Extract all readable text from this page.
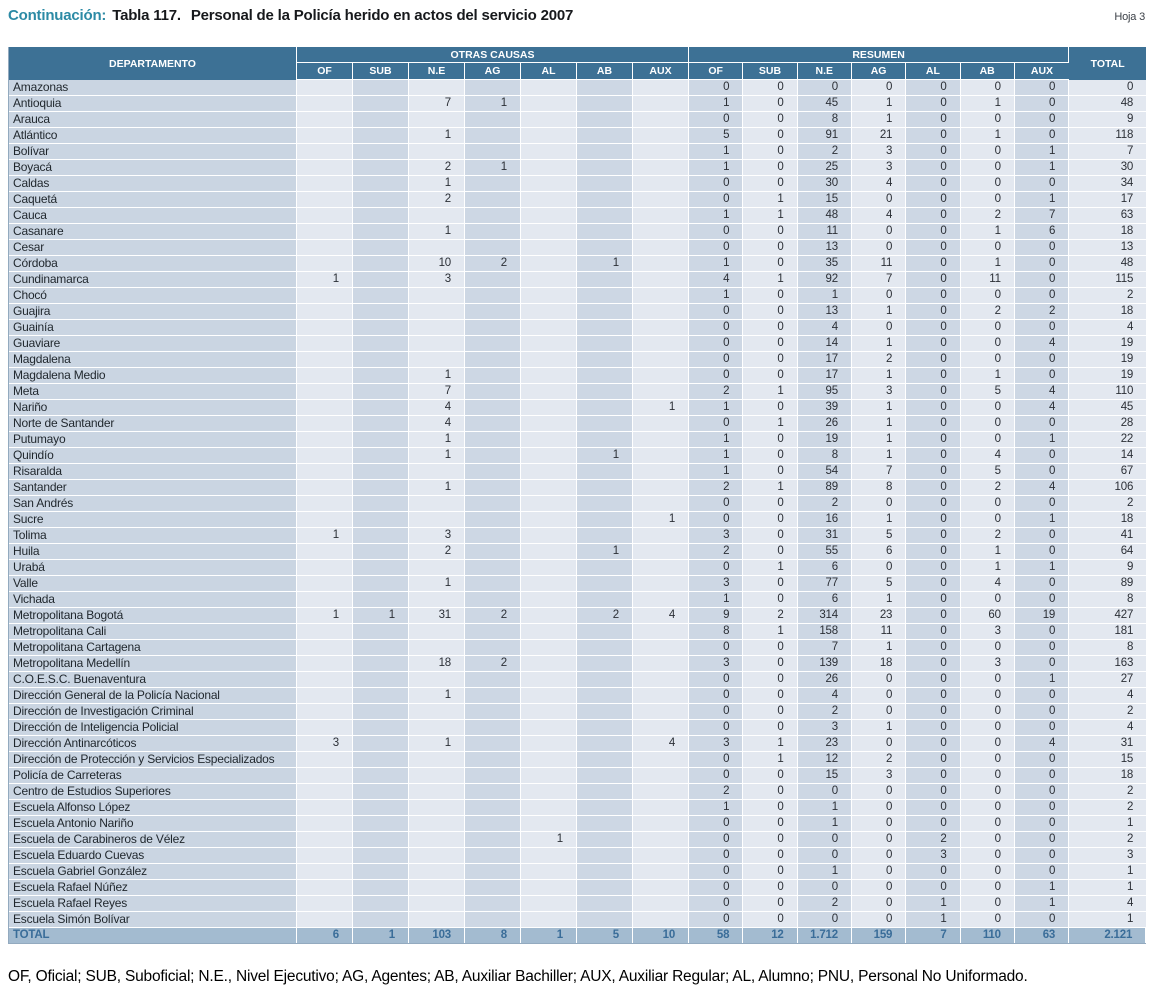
Continuación: Tabla 117. Personal de la Policía herido en actos del servicio 2007	Hoja 3
DEPARTAMENTO	OTRAS CAUSAS							RESUMEN							TOTAL
	OF	SUB	N.E	AG	AL	AB	AUX	OF	SUB	N.E	AG	AL	AB	AUX	
Amazonas								0	0	0	0	0	0	0	0
Antioquia			7	1				1	0	45	1	0	1	0	48
Arauca								0	0	8	1	0	0	0	9
Atlántico			1					5	0	91	21	0	1	0	118
Bolívar								1	0	2	3	0	0	1	7
Boyacá			2	1				1	0	25	3	0	0	1	30
Caldas			1					0	0	30	4	0	0	0	34
Caquetá			2					0	1	15	0	0	0	1	17
Cauca								1	1	48	4	0	2	7	63
Casanare			1					0	0	11	0	0	1	6	18
Cesar								0	0	13	0	0	0	0	13
Córdoba			10	2		1		1	0	35	11	0	1	0	48
Cundinamarca	1		3					4	1	92	7	0	11	0	115
Chocó								1	0	1	0	0	0	0	2
Guajira								0	0	13	1	0	2	2	18
Guainía								0	0	4	0	0	0	0	4
Guaviare								0	0	14	1	0	0	4	19
Magdalena								0	0	17	2	0	0	0	19
Magdalena Medio			1					0	0	17	1	0	1	0	19
Meta			7					2	1	95	3	0	5	4	110
Nariño			4				1	1	0	39	1	0	0	4	45
Norte de Santander			4					0	1	26	1	0	0	0	28
Putumayo			1					1	0	19	1	0	0	1	22
Quindío			1			1		1	0	8	1	0	4	0	14
Risaralda								1	0	54	7	0	5	0	67
Santander			1					2	1	89	8	0	2	4	106
San Andrés								0	0	2	0	0	0	0	2
Sucre							1	0	0	16	1	0	0	1	18
Tolima	1		3					3	0	31	5	0	2	0	41
Huila			2			1		2	0	55	6	0	1	0	64
Urabá								0	1	6	0	0	1	1	9
Valle			1					3	0	77	5	0	4	0	89
Vichada								1	0	6	1	0	0	0	8
Metropolitana Bogotá	1	1	31	2		2	4	9	2	314	23	0	60	19	427
Metropolitana Cali								8	1	158	11	0	3	0	181
Metropolitana Cartagena								0	0	7	1	0	0	0	8
Metropolitana Medellín			18	2				3	0	139	18	0	3	0	163
C.O.E.S.C. Buenaventura								0	0	26	0	0	0	1	27
Dirección General de la Policía Nacional			1					0	0	4	0	0	0	0	4
Dirección de Investigación Criminal								0	0	2	0	0	0	0	2
Dirección de Inteligencia Policial								0	0	3	1	0	0	0	4
Dirección Antinarcóticos	3		1				4	3	1	23	0	0	0	4	31
Dirección de Protección y Servicios Especializados								0	1	12	2	0	0	0	15
Policía de Carreteras								0	0	15	3	0	0	0	18
Centro de Estudios Superiores								2	0	0	0	0	0	0	2
Escuela Alfonso López								1	0	1	0	0	0	0	2
Escuela Antonio Nariño								0	0	1	0	0	0	0	1
Escuela de Carabineros de Vélez					1			0	0	0	0	2	0	0	2
Escuela Eduardo Cuevas								0	0	0	0	3	0	0	3
Escuela Gabriel González								0	0	1	0	0	0	0	1
Escuela Rafael Núñez								0	0	0	0	0	0	1	1
Escuela Rafael Reyes								0	0	2	0	1	0	1	4
Escuela Simón Bolívar								0	0	0	0	1	0	0	1
TOTAL	6	1	103	8	1	5	10	58	12	1.712	159	7	110	63	2.121
OF, Oficial; SUB, Suboficial; N.E., Nivel Ejecutivo; AG, Agentes; AB, Auxiliar Bachiller; AUX, Auxiliar Regular; AL, Alumno; PNU, Personal No Uniformado.
